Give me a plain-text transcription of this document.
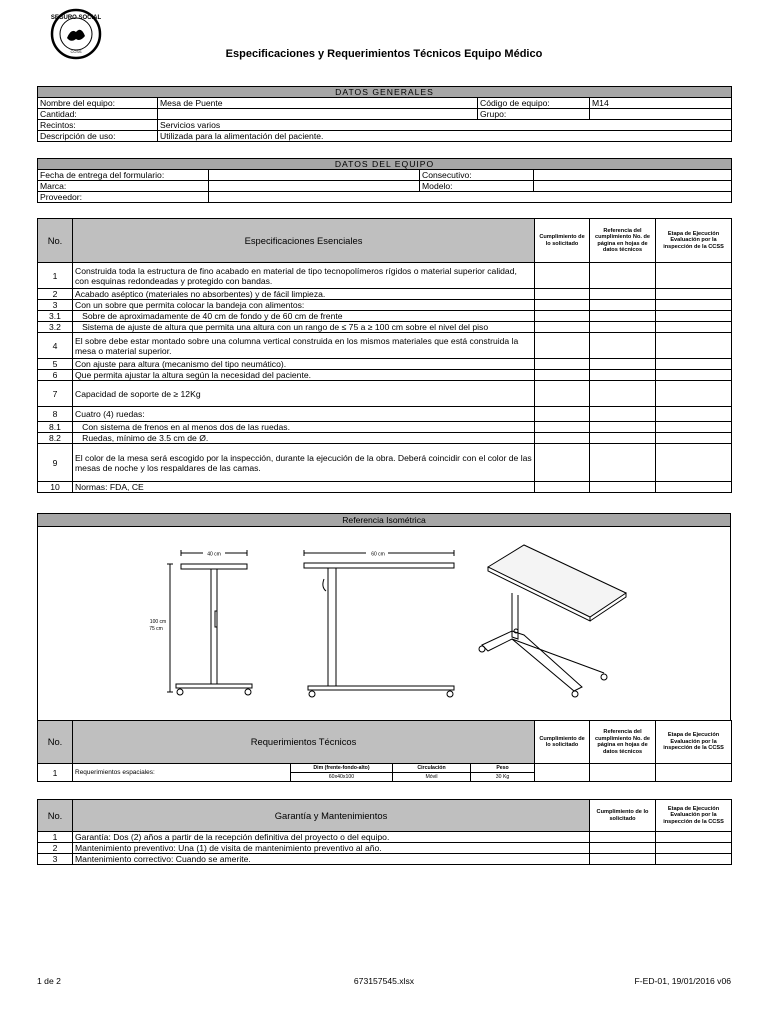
SEGURO SOCIAL
CCSS	Especificaciones y Requerimientos Técnicos Equipo Médico
DATOS GENERALES			
Nombre del equipo:	Mesa de Puente	Código de equipo:	M14
Cantidad:		Grupo:	
Recintos:	Servicios varios		
Descripción de uso:	Utilizada para la alimentación del paciente.		
DATOS DEL EQUIPO			
Fecha de entrega del formulario:		Consecutivo:	
Marca:		Modelo:	
Proveedor:			
No.	Especificaciones Esenciales	Cumplimiento de lo solicitado	Referencia del cumplimiento No. de página en hojas de datos técnicos	Etapa de Ejecución Evaluación por la inspección de la CCSS
1	Construida toda la estructura de fino acabado en material de tipo tecnopolímeros rígidos o material superior calidad, con esquinas redondeadas y protegido con bandas.			
2	Acabado aséptico (materiales no absorbentes) y de fácil limpieza.			
3	Con un sobre que permita colocar la bandeja con alimentos:			
3.1	Sobre de aproximadamente de 40 cm de fondo y de 60 cm de frente			
3.2	Sistema de ajuste de altura que permita una altura con un rango de ≤ 75 a ≥ 100 cm sobre el nivel del piso			
4	El sobre debe estar montado sobre una columna vertical construida en los mismos materiales que está construida la mesa o material superior.			
5	Con ajuste para altura (mecanismo del tipo neumático).			
6	Que permita ajustar la altura según la necesidad del paciente.			
7	Capacidad de soporte de ≥ 12Kg			
8	Cuatro (4) ruedas:			
8.1	Con sistema de frenos en al menos dos de las ruedas.			
8.2	Ruedas, mínimo de 3.5 cm de Ø.			
9	El color de la mesa será escogido por la inspección, durante la ejecución de la obra. Deberá coincidir con el color de las mesas de noche y los respaldares de las camas.			
10	Normas: FDA, CE			
Referencia Isométrica
40 cm	60 cm
100 cm
75 cm
No.	Requerimientos Técnicos				Cumplimiento de lo solicitado	Referencia del cumplimiento No. de página en hojas de datos técnicos	Etapa de Ejecución Evaluación por la inspección de la CCSS
1	Requerimientos espaciales:	Dim (frente-fondo-alto)	Circulación	Peso			
		60x40x100	Móvil	30 Kg			
No.	Garantía y Mantenimientos	Cumplimiento de lo solicitado	Etapa de Ejecución Evaluación por la inspección de la CCSS
1	Garantía: Dos (2) años a partir de la recepción definitiva del proyecto o del equipo.		
2	Mantenimiento preventivo: Una (1) de visita de mantenimiento preventivo al año.		
3	Mantenimiento correctivo: Cuando se amerite.		
1 de 2	673157545.xlsx	F-ED-01, 19/01/2016 v06
